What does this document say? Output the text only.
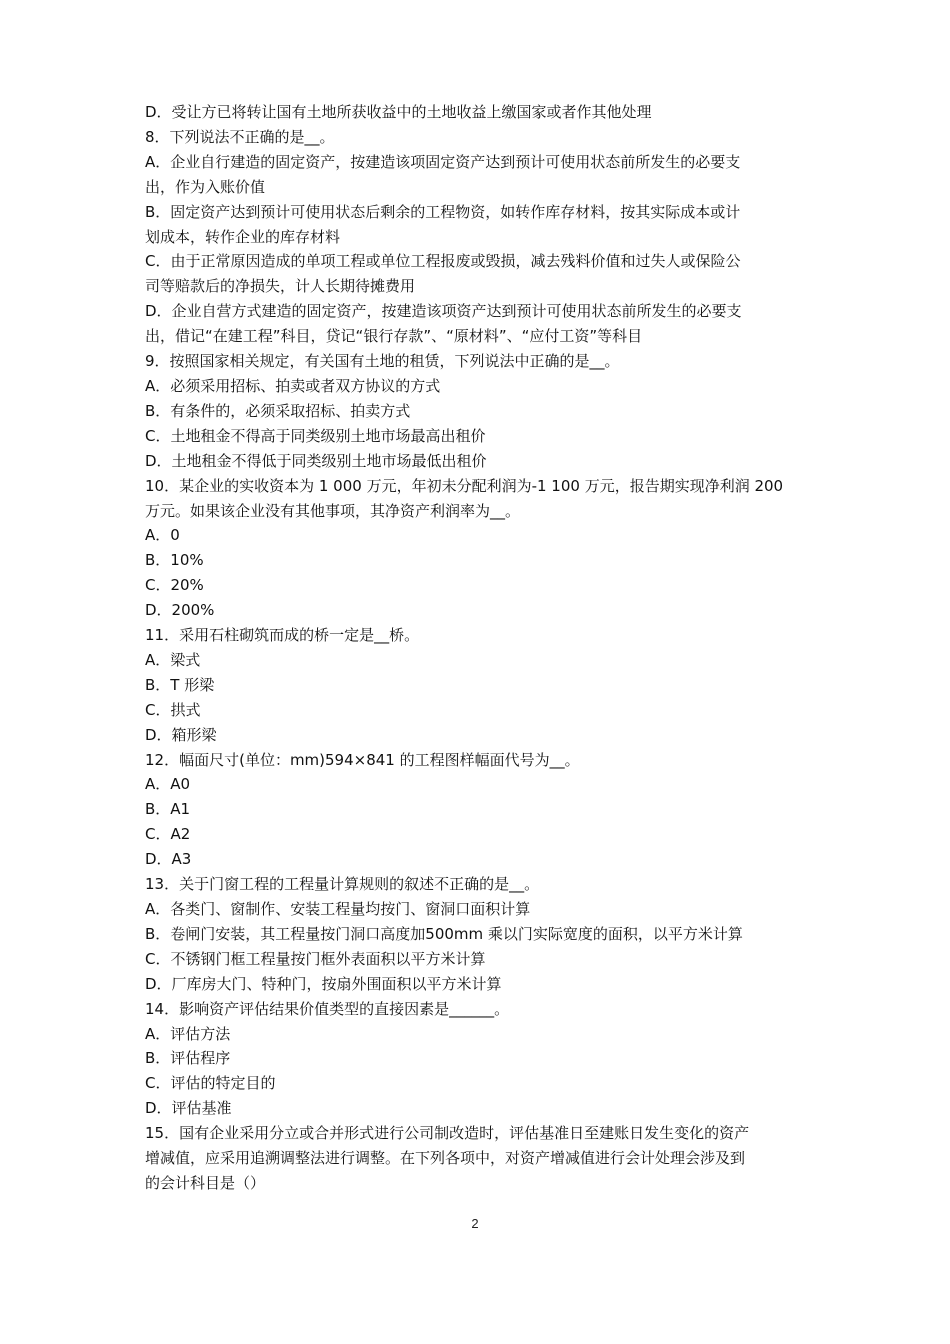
D．受让方已将转让国有土地所获收益中的土地收益上缴国家或者作其他处理
8．下列说法不正确的是__。
A．企业自行建造的固定资产，按建造该项固定资产达到预计可使用状态前所发生的必要支
出，作为入账价值
B．固定资产达到预计可使用状态后剩余的工程物资，如转作库存材料，按其实际成本或计
划成本，转作企业的库存材料
C．由于正常原因造成的单项工程或单位工程报废或毁损，减去残料价值和过失人或保险公
司等赔款后的净损失，计人长期待摊费用
D．企业自营方式建造的固定资产，按建造该项资产达到预计可使用状态前所发生的必要支
出，借记“在建工程”科目，贷记“银行存款”、“原材料”、“应付工资”等科目
9．按照国家相关规定，有关国有土地的租赁，下列说法中正确的是__。
A．必须采用招标、拍卖或者双方协议的方式
B．有条件的，必须采取招标、拍卖方式
C．土地租金不得高于同类级别土地市场最高出租价
D．土地租金不得低于同类级别土地市场最低出租价
10．某企业的实收资本为 1 000 万元，年初未分配利润为-1 100 万元，报告期实现净利润 200
万元。如果该企业没有其他事项，其净资产利润率为__。
A．0
B．10%
C．20%
D．200%
11．采用石柱砌筑而成的桥一定是__桥。
A．梁式
B．T 形梁
C．拱式
D．箱形梁
12．幅面尺寸(单位：mm)594×841 的工程图样幅面代号为__。
A．A0
B．A1
C．A2
D．A3
13．关于门窗工程的工程量计算规则的叙述不正确的是__。
A．各类门、窗制作、安装工程量均按门、窗洞口面积计算
B．卷闸门安装，其工程量按门洞口高度加500mm 乘以门实际宽度的面积，以平方米计算
C．不锈钢门框工程量按门框外表面积以平方米计算
D．厂库房大门、特种门，按扇外围面积以平方米计算
14．影响资产评估结果价值类型的直接因素是______。
A．评估方法
B．评估程序
C．评估的特定目的
D．评估基准
15．国有企业采用分立或合并形式进行公司制改造时，评估基准日至建账日发生变化的资产
增减值，应采用追溯调整法进行调整。在下列各项中，对资产增减值进行会计处理会涉及到
的会计科目是（）
2
